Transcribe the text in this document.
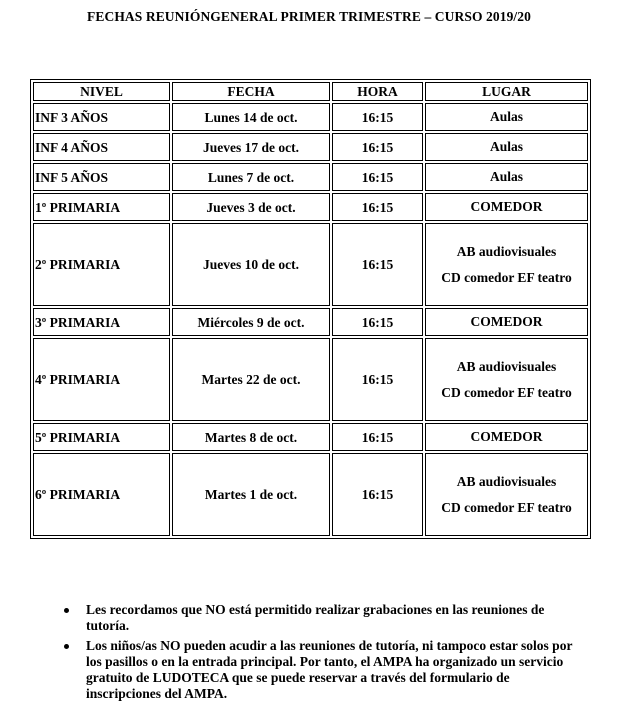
FECHAS REUNIÓNGENERAL PRIMER TRIMESTRE – CURSO 2019/20
NIVEL	FECHA	HORA	LUGAR
INF 3 AÑOS	Lunes 14 de oct.	16:15	Aulas

INF 4 AÑOS	Jueves 17 de oct.	16:15	Aulas

INF 5 AÑOS	Lunes 7 de oct.	16:15	Aulas

1º PRIMARIA	Jueves 3 de oct.	16:15	COMEDOR

2º PRIMARIA	Jueves 10 de oct.	16:15	AB audiovisuales
CD comedor EF teatro

3º PRIMARIA	Miércoles 9 de oct.	16:15	COMEDOR

4º PRIMARIA	Martes 22 de oct.	16:15	AB audiovisuales
CD comedor EF teatro

5º PRIMARIA	Martes 8 de oct.	16:15	COMEDOR

6º PRIMARIA	Martes 1 de oct.	16:15	AB audiovisuales
CD comedor EF teatro
Les recordamos que NO está permitido realizar grabaciones en las reuniones de tutoría.
Los niños/as NO pueden acudir a las reuniones de tutoría, ni tampoco estar solos por los pasillos o en la entrada principal. Por tanto, el AMPA ha organizado un servicio gratuito de LUDOTECA que se puede reservar a través del formulario de inscripciones del AMPA.
